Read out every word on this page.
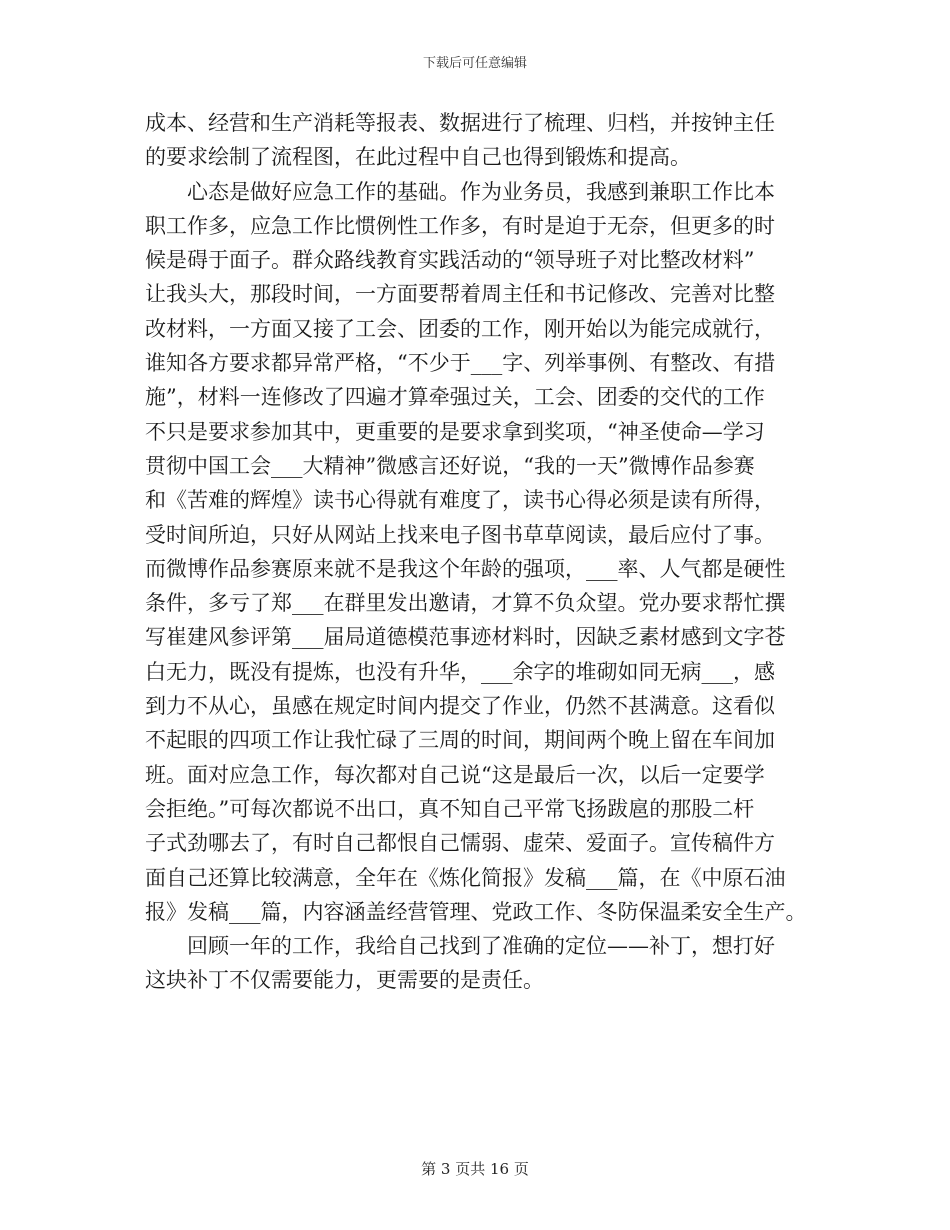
下载后可任意编辑
成本、经营和生产消耗等报表、数据进行了梳理、归档，并按钟主任
的要求绘制了流程图，在此过程中自己也得到锻炼和提高。
　　心态是做好应急工作的基础。作为业务员，我感到兼职工作比本
职工作多，应急工作比惯例性工作多，有时是迫于无奈，但更多的时
候是碍于面子。群众路线教育实践活动的“领导班子对比整改材料”
让我头大，那段时间，一方面要帮着周主任和书记修改、完善对比整
改材料，一方面又接了工会、团委的工作，刚开始以为能完成就行，
谁知各方要求都异常严格，“不少于___字、列举事例、有整改、有措
施”，材料一连修改了四遍才算牵强过关，工会、团委的交代的工作
不只是要求参加其中，更重要的是要求拿到奖项，“神圣使命—学习
贯彻中国工会___大精神”微感言还好说，“我的一天”微博作品参赛
和《苦难的辉煌》读书心得就有难度了，读书心得必须是读有所得，
受时间所迫，只好从网站上找来电子图书草草阅读，最后应付了事。
而微博作品参赛原来就不是我这个年龄的强项，___率、人气都是硬性
条件，多亏了郑___在群里发出邀请，才算不负众望。党办要求帮忙撰
写崔建风参评第___届局道德模范事迹材料时，因缺乏素材感到文字苍
白无力，既没有提炼，也没有升华，___余字的堆砌如同无病___，感
到力不从心，虽感在规定时间内提交了作业，仍然不甚满意。这看似
不起眼的四项工作让我忙碌了三周的时间，期间两个晚上留在车间加
班。面对应急工作，每次都对自己说“这是最后一次，以后一定要学
会拒绝。”可每次都说不出口，真不知自己平常飞扬跋扈的那股二杆
子式劲哪去了，有时自己都恨自己懦弱、虚荣、爱面子。宣传稿件方
面自己还算比较满意，全年在《炼化简报》发稿___篇，在《中原石油
报》发稿___篇，内容涵盖经营管理、党政工作、冬防保温柔安全生产。
　　回顾一年的工作，我给自己找到了准确的定位——补丁，想打好
这块补丁不仅需要能力，更需要的是责任。
第 3 页共 16 页
